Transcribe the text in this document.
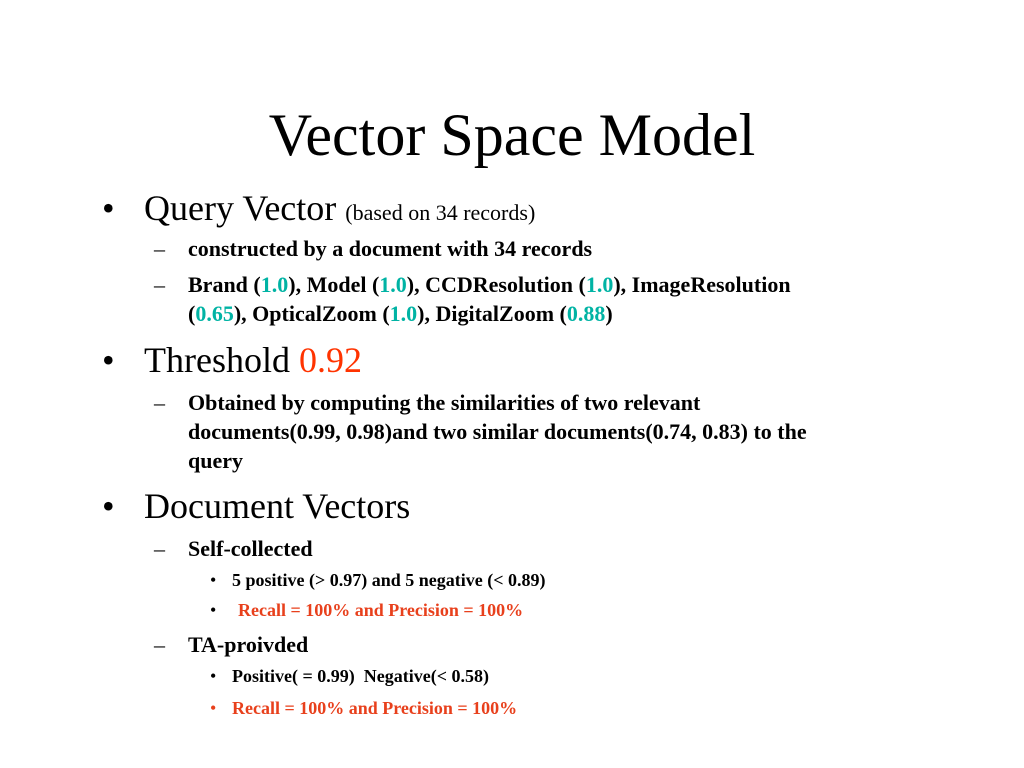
Vector Space Model
• Query Vector (based on 34 records)
– constructed by a document with 34 records
– Brand (1.0), Model (1.0), CCDResolution (1.0), ImageResolution
(0.65), OpticalZoom (1.0), DigitalZoom (0.88)
• Threshold 0.92
– Obtained by computing the similarities of two relevant
documents(0.99, 0.98)and two similar documents(0.74, 0.83) to the
query
• Document Vectors
– Self-collected
• 5 positive (> 0.97) and 5 negative (< 0.89)
• Recall = 100% and Precision = 100%
– TA-proivded
• Positive( = 0.99)  Negative(< 0.58)
• Recall = 100% and Precision = 100%
